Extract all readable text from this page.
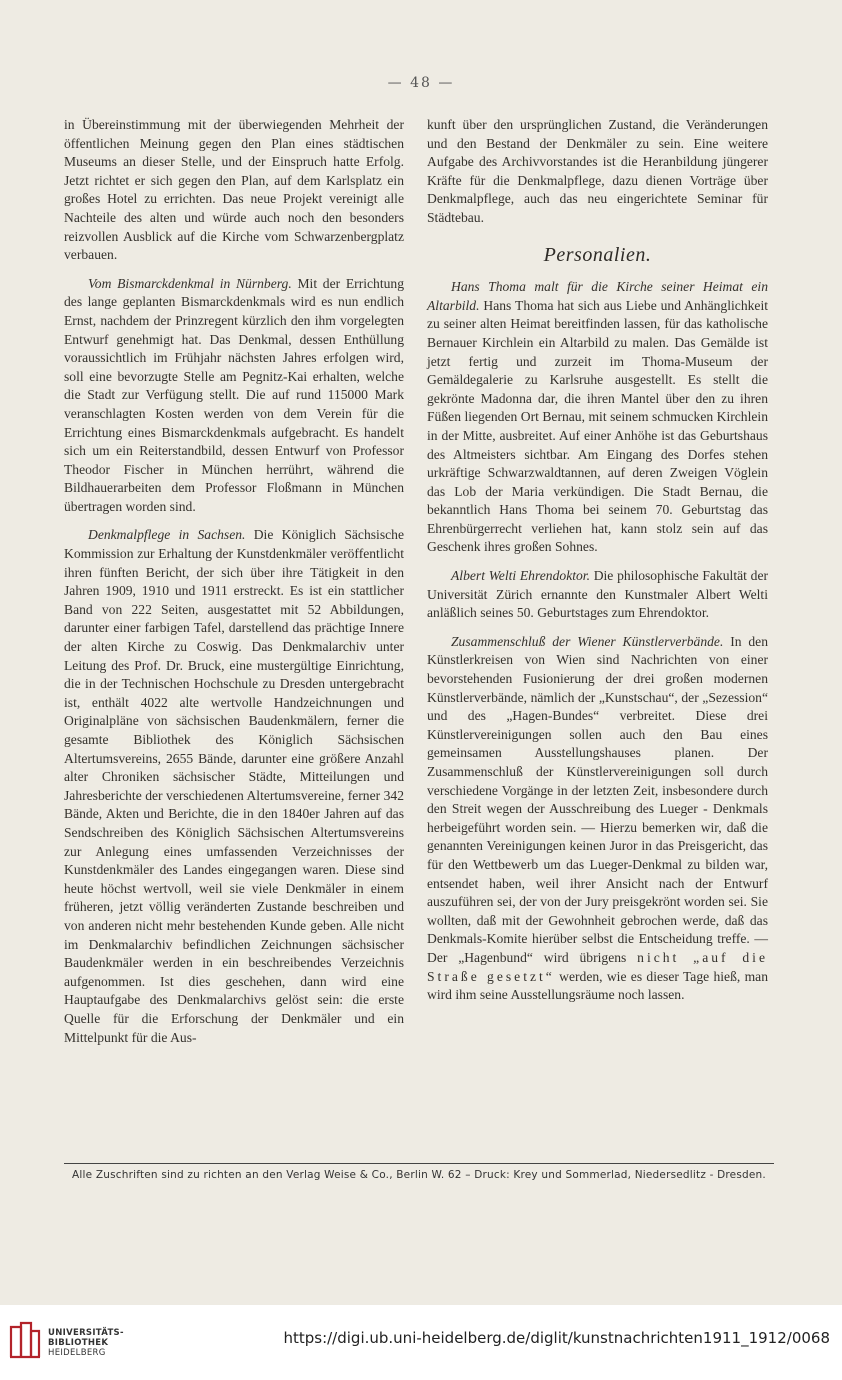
— 48 —

in Übereinstimmung mit der überwiegenden Mehrheit der öffentlichen Meinung gegen den Plan eines städtischen Museums an dieser Stelle, und der Einspruch hatte Erfolg. Jetzt richtet er sich gegen den Plan, auf dem Karlsplatz ein großes Hotel zu errichten. Das neue Projekt vereinigt alle Nachteile des alten und würde auch noch den besonders reizvollen Ausblick auf die Kirche vom Schwarzenbergplatz verbauen.

Vom Bismarckdenkmal in Nürnberg. Mit der Errichtung des lange geplanten Bismarckdenkmals wird es nun endlich Ernst, nachdem der Prinzregent kürzlich den ihm vorgelegten Entwurf genehmigt hat. Das Denkmal, dessen Enthüllung voraussichtlich im Frühjahr nächsten Jahres erfolgen wird, soll eine bevorzugte Stelle am Pegnitz-Kai erhalten, welche die Stadt zur Verfügung stellt. Die auf rund 115000 Mark veranschlagten Kosten werden von dem Verein für die Errichtung eines Bismarckdenkmals aufgebracht. Es handelt sich um ein Reiterstandbild, dessen Entwurf von Professor Theodor Fischer in München herrührt, während die Bildhauerarbeiten dem Professor Floßmann in München übertragen worden sind.

Denkmalpflege in Sachsen. Die Königlich Sächsische Kommission zur Erhaltung der Kunstdenkmäler veröffentlicht ihren fünften Bericht, der sich über ihre Tätigkeit in den Jahren 1909, 1910 und 1911 erstreckt. Es ist ein stattlicher Band von 222 Seiten, ausgestattet mit 52 Abbildungen, darunter einer farbigen Tafel, darstellend das prächtige Innere der alten Kirche zu Coswig. Das Denkmalarchiv unter Leitung des Prof. Dr. Bruck, eine mustergültige Einrichtung, die in der Technischen Hochschule zu Dresden untergebracht ist, enthält 4022 alte wertvolle Handzeichnungen und Originalpläne von sächsischen Baudenkmälern, ferner die gesamte Bibliothek des Königlich Sächsischen Altertumsvereins, 2655 Bände, darunter eine größere Anzahl alter Chroniken sächsischer Städte, Mitteilungen und Jahresberichte der verschiedenen Altertumsvereine, ferner 342 Bände, Akten und Berichte, die in den 1840er Jahren auf das Sendschreiben des Königlich Sächsischen Altertumsvereins zur Anlegung eines umfassenden Verzeichnisses der Kunstdenkmäler des Landes eingegangen waren. Diese sind heute höchst wertvoll, weil sie viele Denkmäler in einem früheren, jetzt völlig veränderten Zustande beschreiben und von anderen nicht mehr bestehenden Kunde geben. Alle nicht im Denkmalarchiv befindlichen Zeichnungen sächsischer Baudenkmäler werden in ein beschreibendes Verzeichnis aufgenommen. Ist dies geschehen, dann wird eine Hauptaufgabe des Denkmalarchivs gelöst sein: die erste Quelle für die Erforschung der Denkmäler und ein Mittelpunkt für die Aus-

kunft über den ursprünglichen Zustand, die Veränderungen und den Bestand der Denkmäler zu sein. Eine weitere Aufgabe des Archivvorstandes ist die Heranbildung jüngerer Kräfte für die Denkmalpflege, dazu dienen Vorträge über Denkmalpflege, auch das neu eingerichtete Seminar für Städtebau.

Personalien.

Hans Thoma malt für die Kirche seiner Heimat ein Altarbild. Hans Thoma hat sich aus Liebe und Anhänglichkeit zu seiner alten Heimat bereitfinden lassen, für das katholische Bernauer Kirchlein ein Altarbild zu malen. Das Gemälde ist jetzt fertig und zurzeit im Thoma-Museum der Gemäldegalerie zu Karlsruhe ausgestellt. Es stellt die gekrönte Madonna dar, die ihren Mantel über den zu ihren Füßen liegenden Ort Bernau, mit seinem schmucken Kirchlein in der Mitte, ausbreitet. Auf einer Anhöhe ist das Geburtshaus des Altmeisters sichtbar. Am Eingang des Dorfes stehen urkräftige Schwarzwaldtannen, auf deren Zweigen Vöglein das Lob der Maria verkündigen. Die Stadt Bernau, die bekanntlich Hans Thoma bei seinem 70. Geburtstag das Ehrenbürgerrecht verliehen hat, kann stolz sein auf das Geschenk ihres großen Sohnes.

Albert Welti Ehrendoktor. Die philosophische Fakultät der Universität Zürich ernannte den Kunstmaler Albert Welti anläßlich seines 50. Geburtstages zum Ehrendoktor.

Zusammenschluß der Wiener Künstlerverbände. In den Künstlerkreisen von Wien sind Nachrichten von einer bevorstehenden Fusionierung der drei großen modernen Künstlerverbände, nämlich der „Kunstschau“, der „Sezession“ und des „Hagen-Bundes“ verbreitet. Diese drei Künstlervereinigungen sollen auch den Bau eines gemeinsamen Ausstellungshauses planen. Der Zusammenschluß der Künstlervereinigungen soll durch verschiedene Vorgänge in der letzten Zeit, insbesondere durch den Streit wegen der Ausschreibung des Lueger - Denkmals herbeigeführt worden sein. — Hierzu bemerken wir, daß die genannten Vereinigungen keinen Juror in das Preisgericht, das für den Wettbewerb um das Lueger-Denkmal zu bilden war, entsendet haben, weil ihrer Ansicht nach der Entwurf auszuführen sei, der von der Jury preisgekrönt worden sei. Sie wollten, daß mit der Gewohnheit gebrochen werde, daß das Denkmals-Komite hierüber selbst die Entscheidung treffe. — Der „Hagenbund“ wird übrigens nicht „auf die Straße gesetzt“ werden, wie es dieser Tage hieß, man wird ihm seine Ausstellungsräume noch lassen.

Alle Zuschriften sind zu richten an den Verlag Weise & Co., Berlin W. 62 – Druck: Krey und Sommerlad, Niedersedlitz - Dresden.
UNIVERSITÄTS-
BIBLIOTHEK
HEIDELBERG
https://digi.ub.uni-heidelberg.de/diglit/kunstnachrichten1911_1912/0068
